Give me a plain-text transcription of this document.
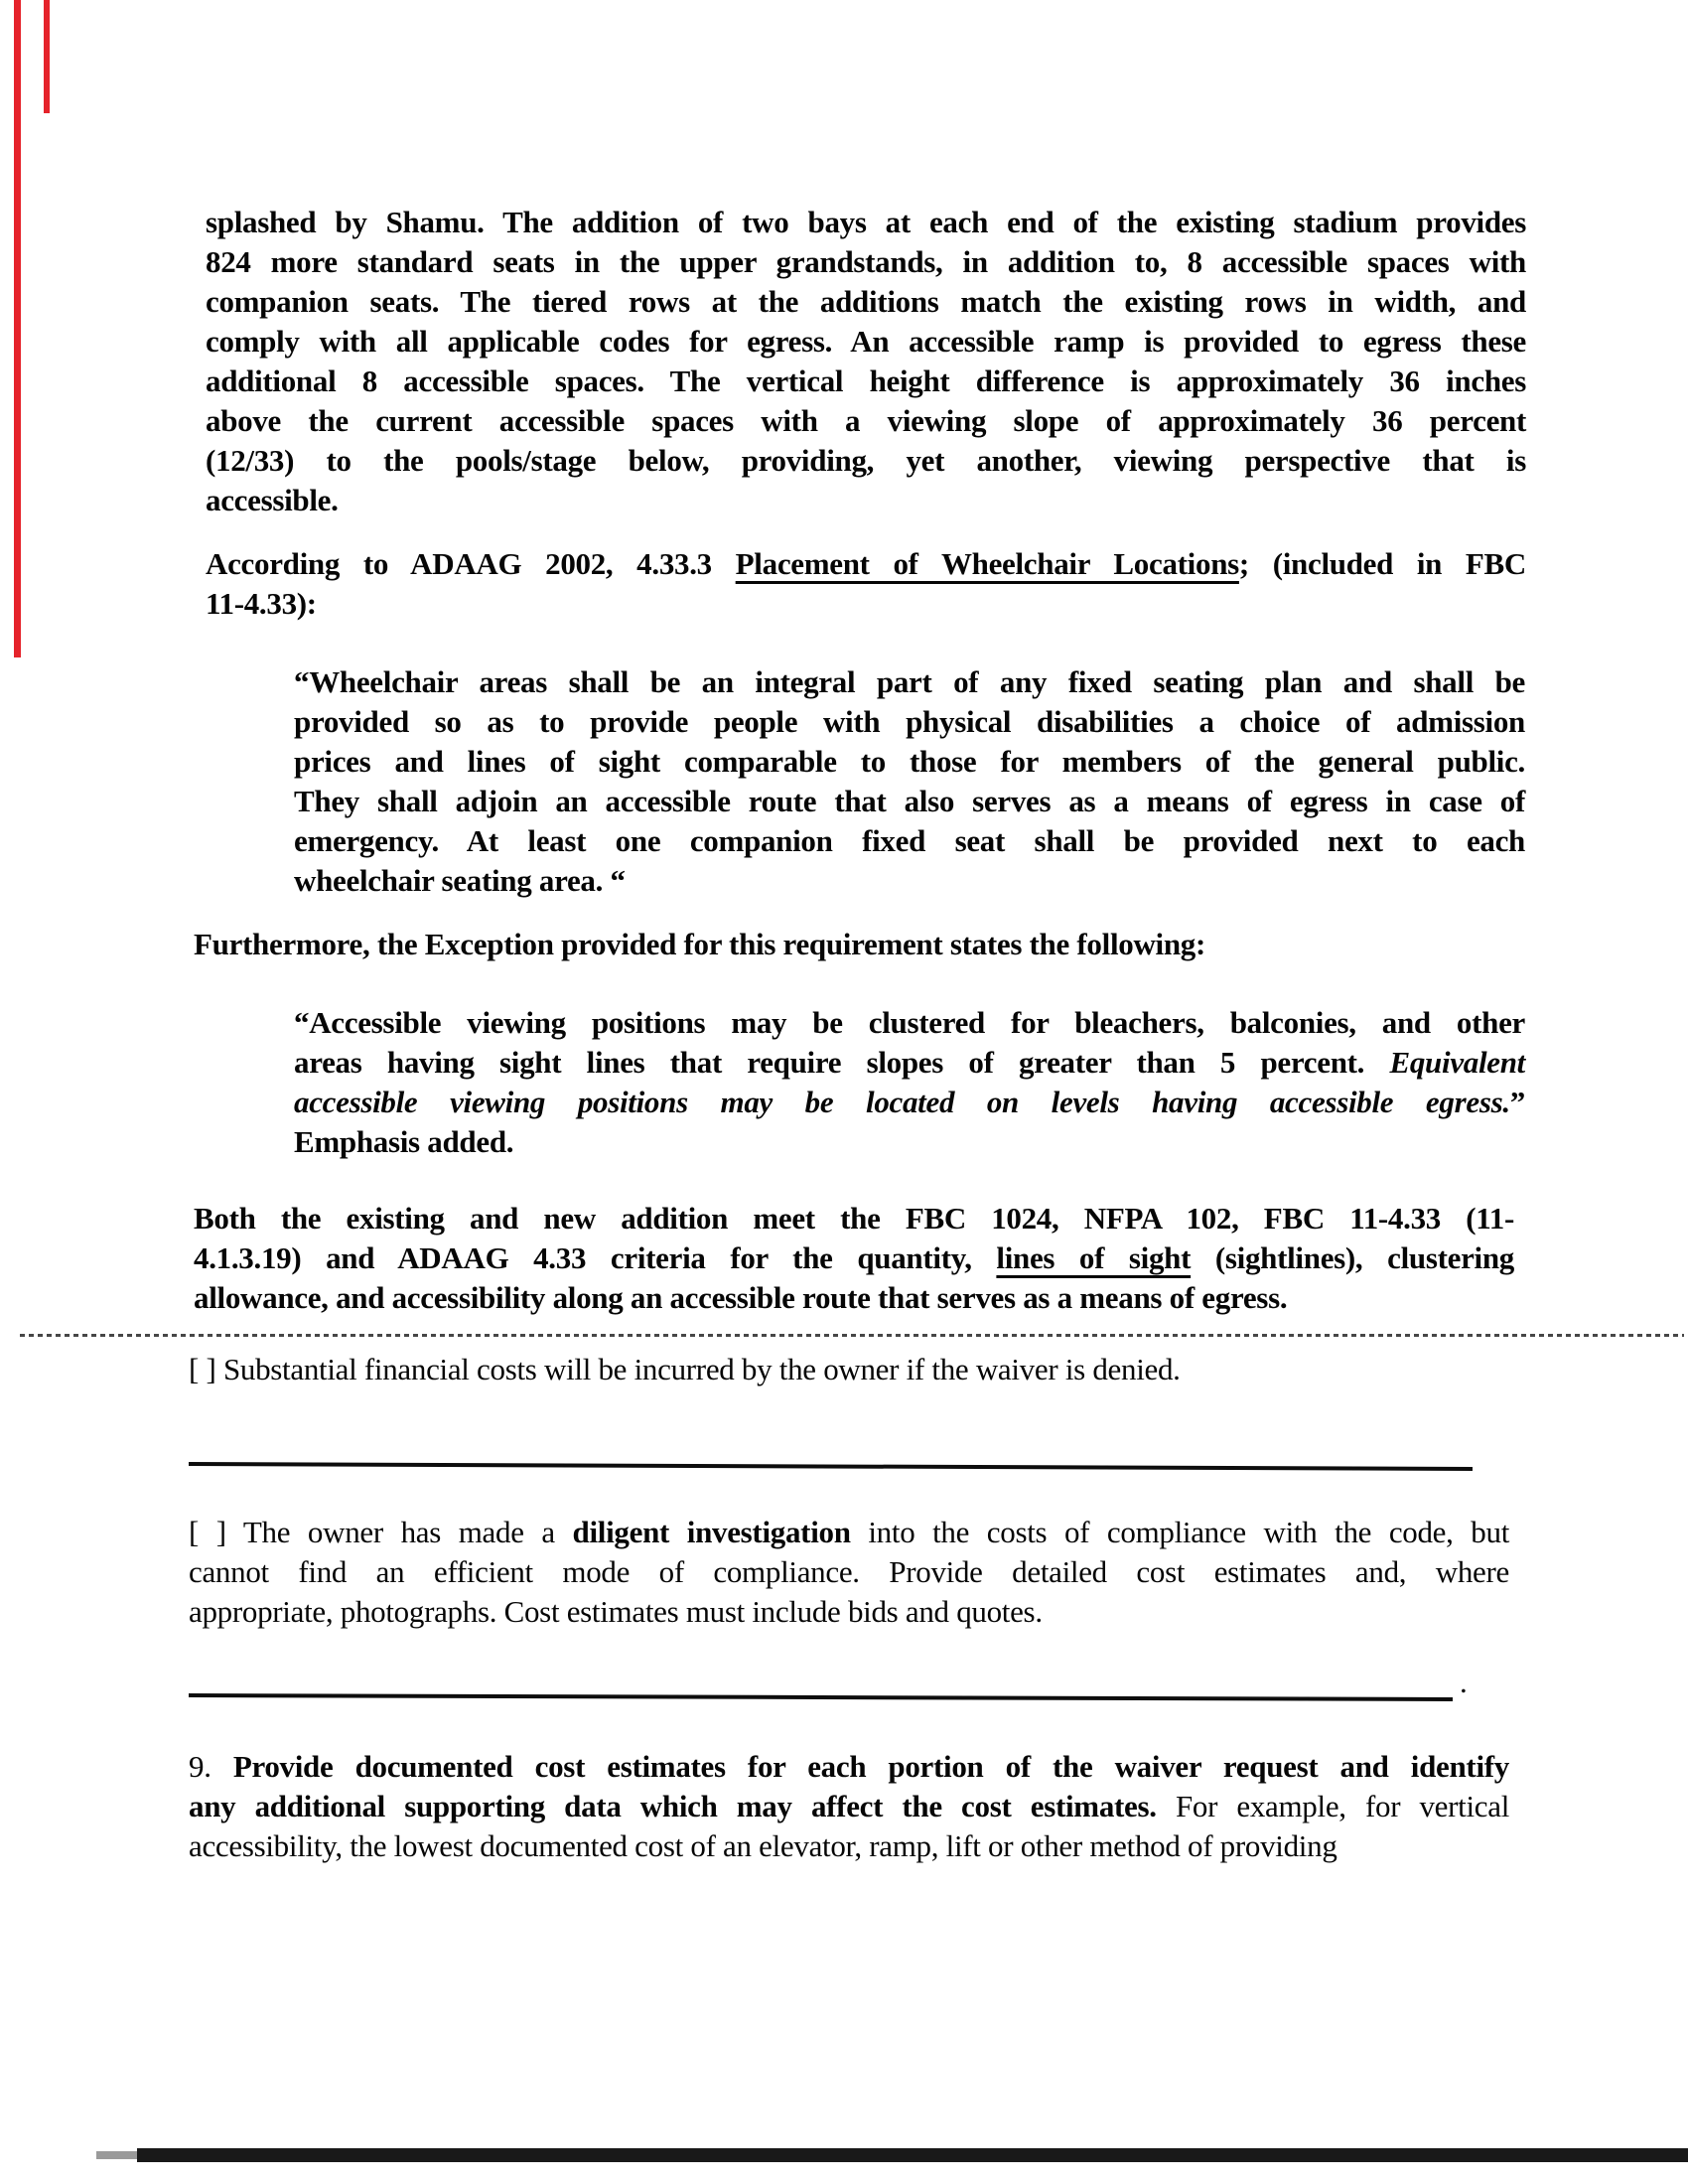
splashed by Shamu. The addition of two bays at each end of the existing stadium provides
824 more standard seats in the upper grandstands, in addition to, 8 accessible spaces with
companion seats. The tiered rows at the additions match the existing rows in width, and
comply with all applicable codes for egress. An accessible ramp is provided to egress these
additional 8 accessible spaces. The vertical height difference is approximately 36 inches
above the current accessible spaces with a viewing slope of approximately 36 percent
(12/33) to the pools/stage below, providing, yet another, viewing perspective that is
accessible.
According to ADAAG 2002, 4.33.3 Placement of Wheelchair Locations; (included in FBC
11-4.33):
“Wheelchair areas shall be an integral part of any fixed seating plan and shall be
provided so as to provide people with physical disabilities a choice of admission
prices and lines of sight comparable to those for members of the general public.
They shall adjoin an accessible route that also serves as a means of egress in case of
emergency. At least one companion fixed seat shall be provided next to each
wheelchair seating area. “
Furthermore, the Exception provided for this requirement states the following:
“Accessible viewing positions may be clustered for bleachers, balconies, and other
areas having sight lines that require slopes of greater than 5 percent. Equivalent
accessible viewing positions may be located on levels having accessible egress.”
Emphasis added.
Both the existing and new addition meet the FBC 1024, NFPA 102, FBC 11-4.33 (11-
4.1.3.19) and ADAAG 4.33 criteria for the quantity, lines of sight (sightlines), clustering
allowance, and accessibility along an accessible route that serves as a means of egress.
[ ] Substantial financial costs will be incurred by the owner if the waiver is denied.
[ ] The owner has made a diligent investigation into the costs of compliance with the code, but
cannot find an efficient mode of compliance. Provide detailed cost estimates and, where
appropriate, photographs. Cost estimates must include bids and quotes.
.
9. Provide documented cost estimates for each portion of the waiver request and identify
any additional supporting data which may affect the cost estimates. For example, for vertical
accessibility, the lowest documented cost of an elevator, ramp, lift or other method of providing
